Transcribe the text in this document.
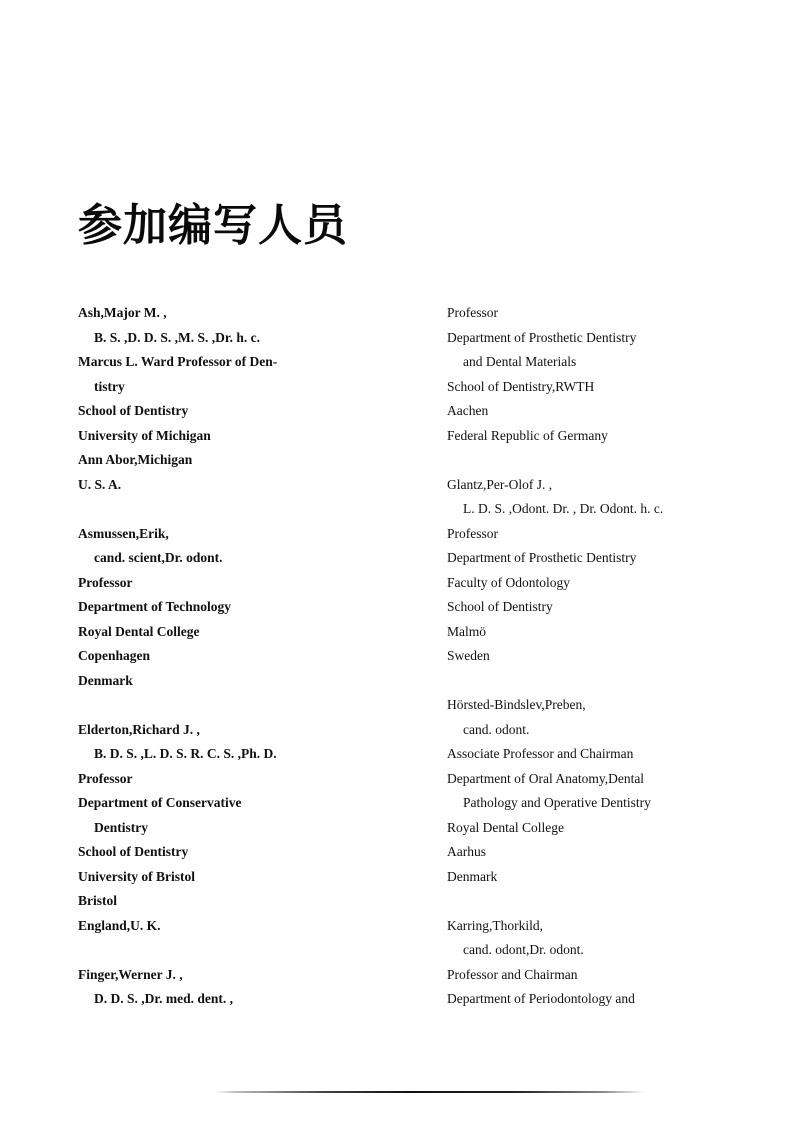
参加编写人员
Ash,Major M. ,
B. S. ,D. D. S. ,M. S. ,Dr. h. c.
Marcus L. Ward Professor of Den-
tistry
School of Dentistry
University of Michigan
Ann Abor,Michigan
U. S. A.
Asmussen,Erik,
cand. scient,Dr. odont.
Professor
Department of Technology
Royal Dental College
Copenhagen
Denmark
Elderton,Richard J. ,
B. D. S. ,L. D. S. R. C. S. ,Ph. D.
Professor
Department of Conservative
Dentistry
School of Dentistry
University of Bristol
Bristol
England,U. K.
Finger,Werner J. ,
D. D. S. ,Dr. med. dent. ,
Professor
Department of Prosthetic Dentistry
and Dental Materials
School of Dentistry,RWTH
Aachen
Federal Republic of Germany
Glantz,Per-Olof J. ,
L. D. S. ,Odont. Dr. , Dr. Odont. h. c.
Professor
Department of Prosthetic Dentistry
Faculty of Odontology
School of Dentistry
Malmö
Sweden
Hörsted-Bindslev,Preben,
cand. odont.
Associate Professor and Chairman
Department of Oral Anatomy,Dental
Pathology and Operative Dentistry
Royal Dental College
Aarhus
Denmark
Karring,Thorkild,
cand. odont,Dr. odont.
Professor and Chairman
Department of Periodontology and
